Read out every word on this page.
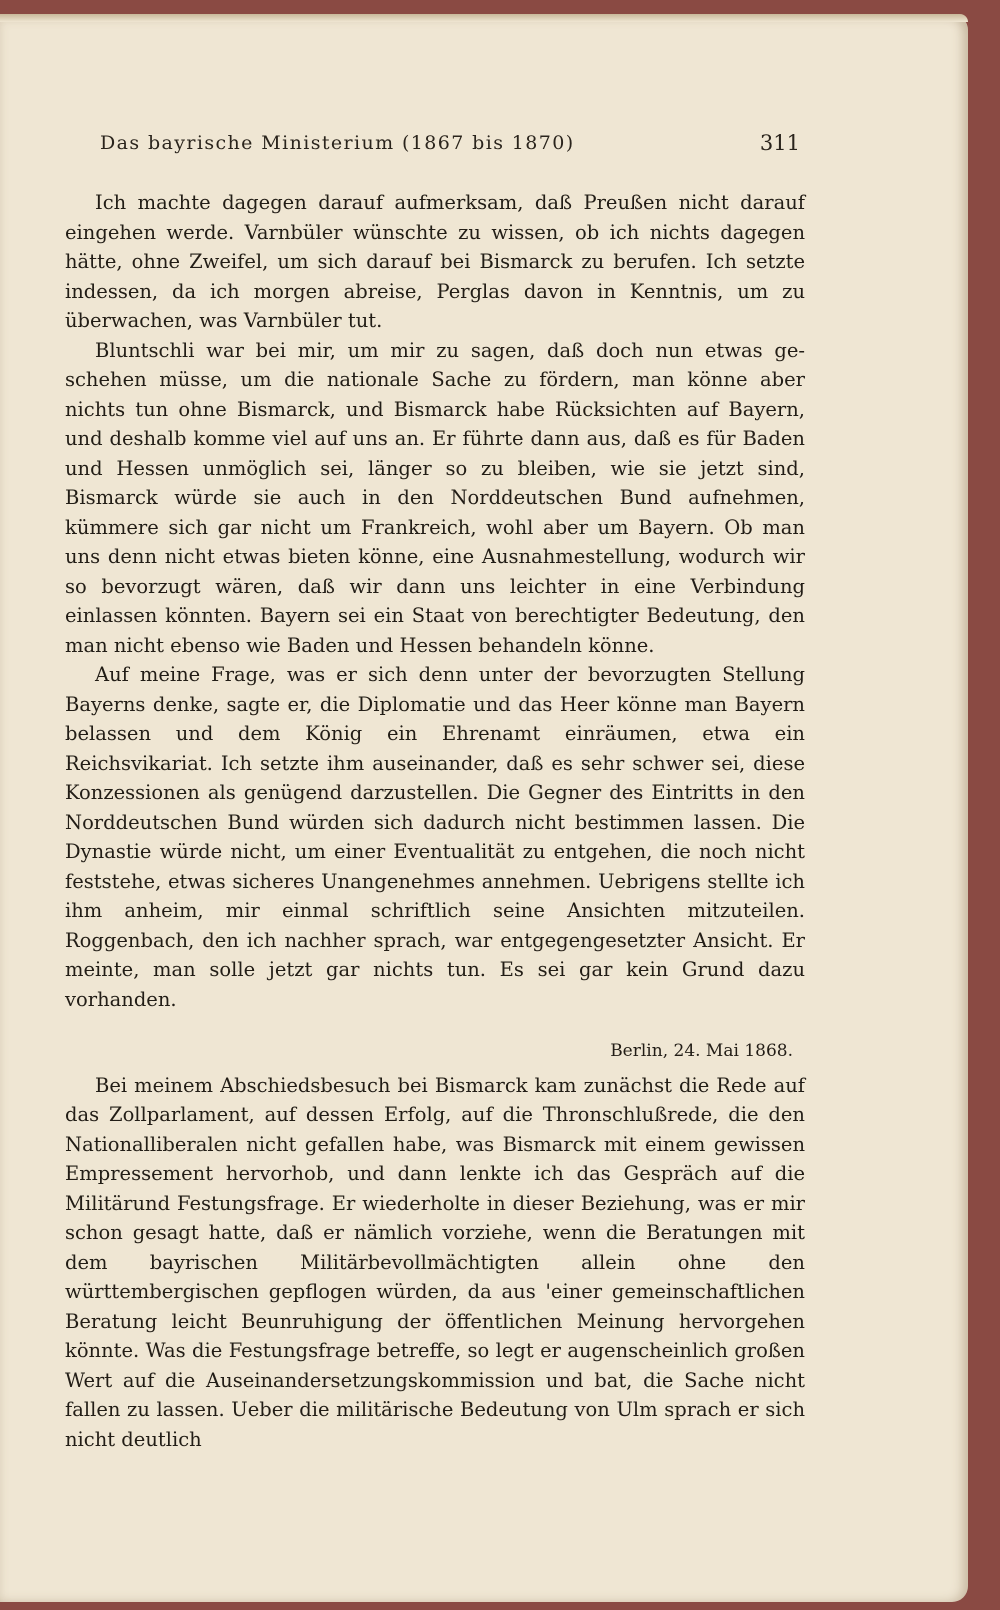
Das bayrische Ministerium (1867 bis 1870)	311

Ich machte dagegen darauf aufmerksam, daß Preußen nicht darauf eingehen werde. Varnbüler wünschte zu wissen, ob ich nichts dagegen hätte, ohne Zweifel, um sich darauf bei Bismarck zu berufen. Ich setzte indessen, da ich morgen abreise, Perglas davon in Kenntnis, um zu überwachen, was Varnbüler tut.

Bluntschli war bei mir, um mir zu sagen, daß doch nun etwas geschehen müsse, um die nationale Sache zu fördern, man könne aber nichts tun ohne Bismarck, und Bismarck habe Rücksichten auf Bayern, und deshalb komme viel auf uns an. Er führte dann aus, daß es für Baden und Hessen unmöglich sei, länger so zu bleiben, wie sie jetzt sind, Bismarck würde sie auch in den Norddeutschen Bund aufnehmen, kümmere sich gar nicht um Frankreich, wohl aber um Bayern. Ob man uns denn nicht etwas bieten könne, eine Ausnahmestellung, wodurch wir so bevorzugt wären, daß wir dann uns leichter in eine Verbindung einlassen könnten. Bayern sei ein Staat von berechtigter Bedeutung, den man nicht ebenso wie Baden und Hessen behandeln könne.

Auf meine Frage, was er sich denn unter der bevorzugten Stellung Bayerns denke, sagte er, die Diplomatie und das Heer könne man Bayern belassen und dem König ein Ehrenamt einräumen, etwa ein Reichsvikariat. Ich setzte ihm auseinander, daß es sehr schwer sei, diese Konzessionen als genügend darzustellen. Die Gegner des Eintritts in den Norddeutschen Bund würden sich dadurch nicht bestimmen lassen. Die Dynastie würde nicht, um einer Eventualität zu entgehen, die noch nicht feststehe, etwas sicheres Unangenehmes annehmen. Uebrigens stellte ich ihm anheim, mir einmal schriftlich seine Ansichten mitzuteilen. Roggenbach, den ich nachher sprach, war entgegengesetzter Ansicht. Er meinte, man solle jetzt gar nichts tun. Es sei gar kein Grund dazu vorhanden.

Berlin, 24. Mai 1868.

Bei meinem Abschiedsbesuch bei Bismarck kam zunächst die Rede auf das Zollparlament, auf dessen Erfolg, auf die Thronschlußrede, die den Nationalliberalen nicht gefallen habe, was Bismarck mit einem gewissen Empressement hervorhob, und dann lenkte ich das Gespräch auf die Militärund Festungsfrage. Er wiederholte in dieser Beziehung, was er mir schon gesagt hatte, daß er nämlich vorziehe, wenn die Beratungen mit dem bayrischen Militärbevollmächtigten allein ohne den württembergischen gepflogen würden, da aus 'einer gemeinschaftlichen Beratung leicht Beunruhigung der öffentlichen Meinung hervorgehen könnte. Was die Festungsfrage betreffe, so legt er augenscheinlich großen Wert auf die Auseinandersetzungskommission und bat, die Sache nicht fallen zu lassen. Ueber die militärische Bedeutung von Ulm sprach er sich nicht deutlich
